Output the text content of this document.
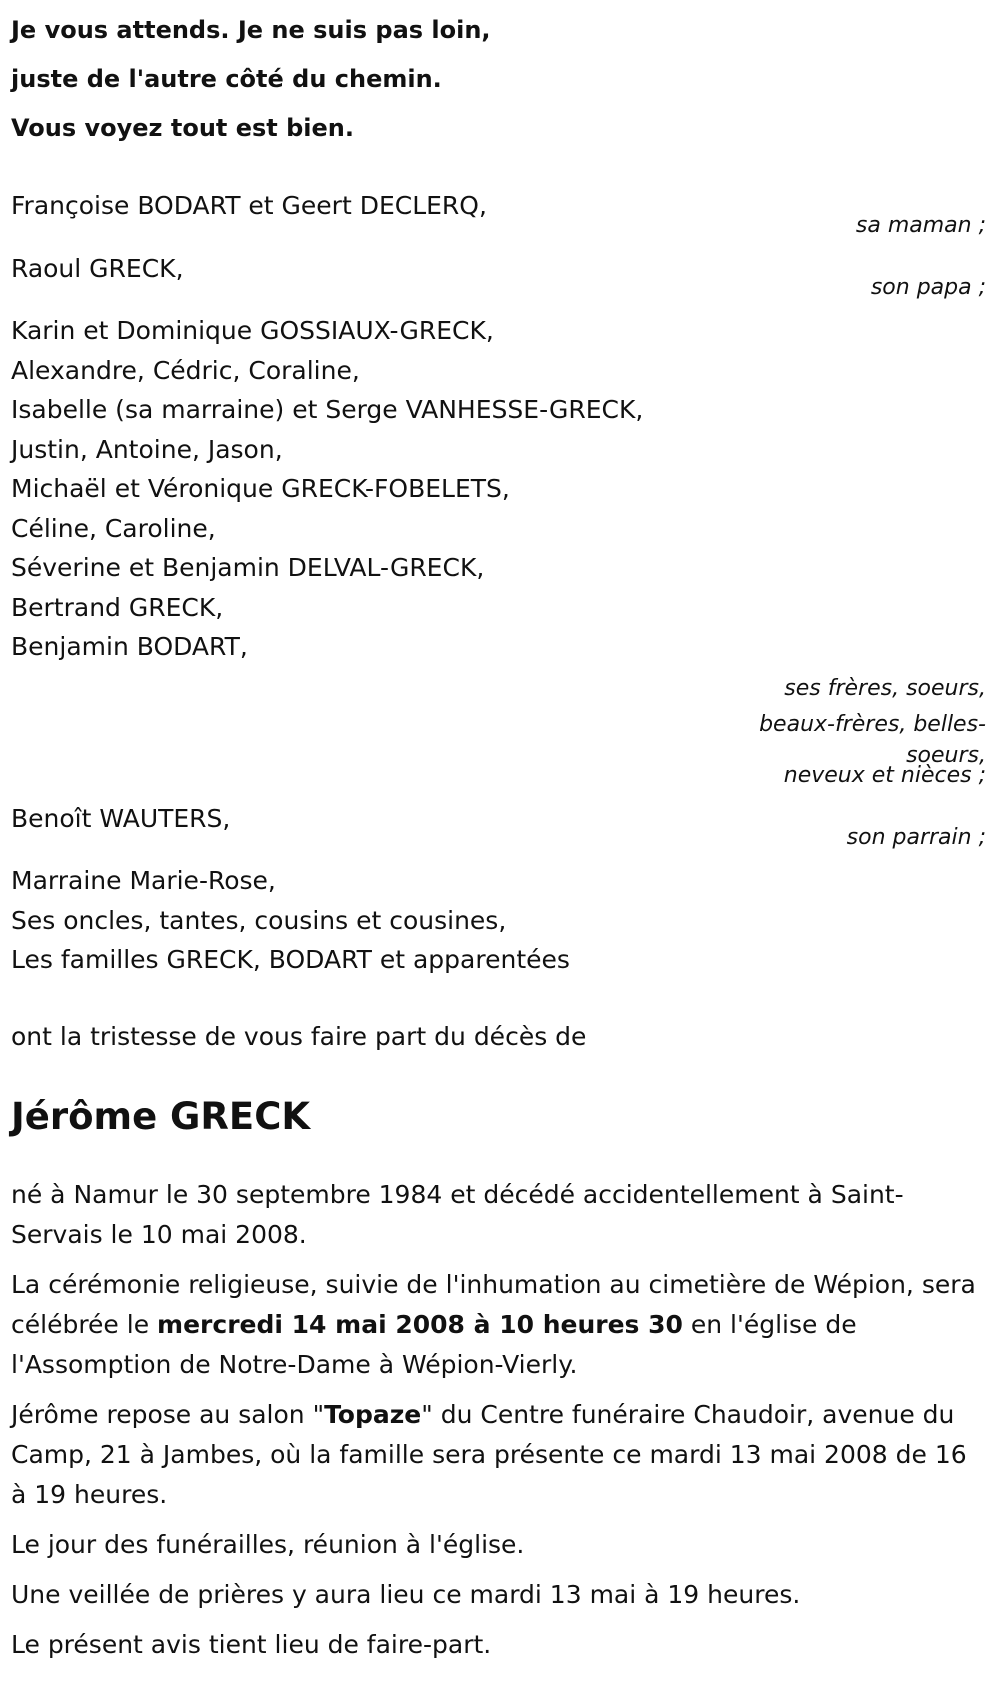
Je vous attends. Je ne suis pas loin,
juste de l'autre côté du chemin.
Vous voyez tout est bien.
Françoise BODART et Geert DECLERQ,
sa maman ;
Raoul GRECK,
son papa ;
Karin et Dominique GOSSIAUX-GRECK,
Alexandre, Cédric, Coraline,
Isabelle (sa marraine) et Serge VANHESSE-GRECK,
Justin, Antoine, Jason,
Michaël et Véronique GRECK-FOBELETS,
Céline, Caroline,
Séverine et Benjamin DELVAL-GRECK,
Bertrand GRECK,
Benjamin BODART,
ses frères, soeurs,
beaux-frères, belles-
soeurs,
neveux et nièces ;
Benoît WAUTERS,
son parrain ;
Marraine Marie-Rose,
Ses oncles, tantes, cousins et cousines,
Les familles GRECK, BODART et apparentées
ont la tristesse de vous faire part du décès de
Jérôme GRECK

né à Namur le 30 septembre 1984 et décédé accidentellement à Saint-Servais le 10 mai 2008.

La cérémonie religieuse, suivie de l'inhumation au cimetière de Wépion, sera célébrée le mercredi 14 mai 2008 à 10 heures 30 en l'église de l'Assomption de Notre-Dame à Wépion-Vierly.

Jérôme repose au salon "Topaze" du Centre funéraire Chaudoir, avenue du Camp, 21 à Jambes, où la famille sera présente ce mardi 13 mai 2008 de 16 à 19 heures.

Le jour des funérailles, réunion à l'église.

Une veillée de prières y aura lieu ce mardi 13 mai à 19 heures.

Le présent avis tient lieu de faire-part.
